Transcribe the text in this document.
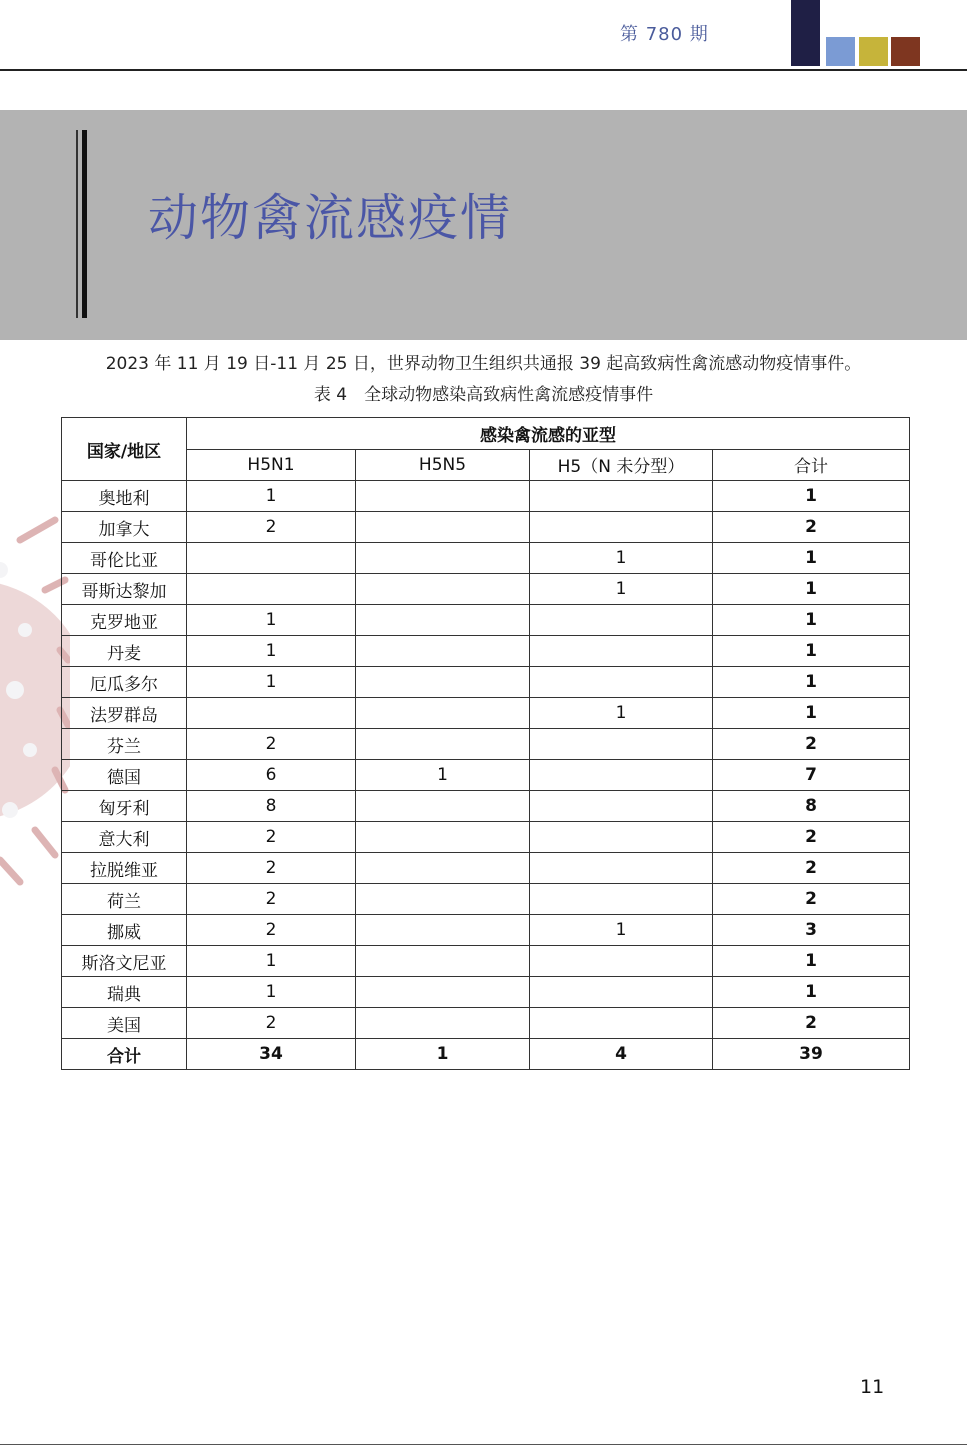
第 780 期
动物禽流感疫情
2023 年 11 月 19 日-11 月 25 日，世界动物卫生组织共通报 39 起高致病性禽流感动物疫情事件。
表 4　全球动物感染高致病性禽流感疫情事件
国家/地区	感染禽流感的亚型			
	H5N1	H5N5	H5（N 未分型）	合计
奥地利	1			1
加拿大	2			2
哥伦比亚			1	1
哥斯达黎加			1	1
克罗地亚	1			1
丹麦	1			1
厄瓜多尔	1			1
法罗群岛			1	1
芬兰	2			2
德国	6	1		7
匈牙利	8			8
意大利	2			2
拉脱维亚	2			2
荷兰	2			2
挪威	2		1	3
斯洛文尼亚	1			1
瑞典	1			1
美国	2			2
合计	34	1	4	39
11
